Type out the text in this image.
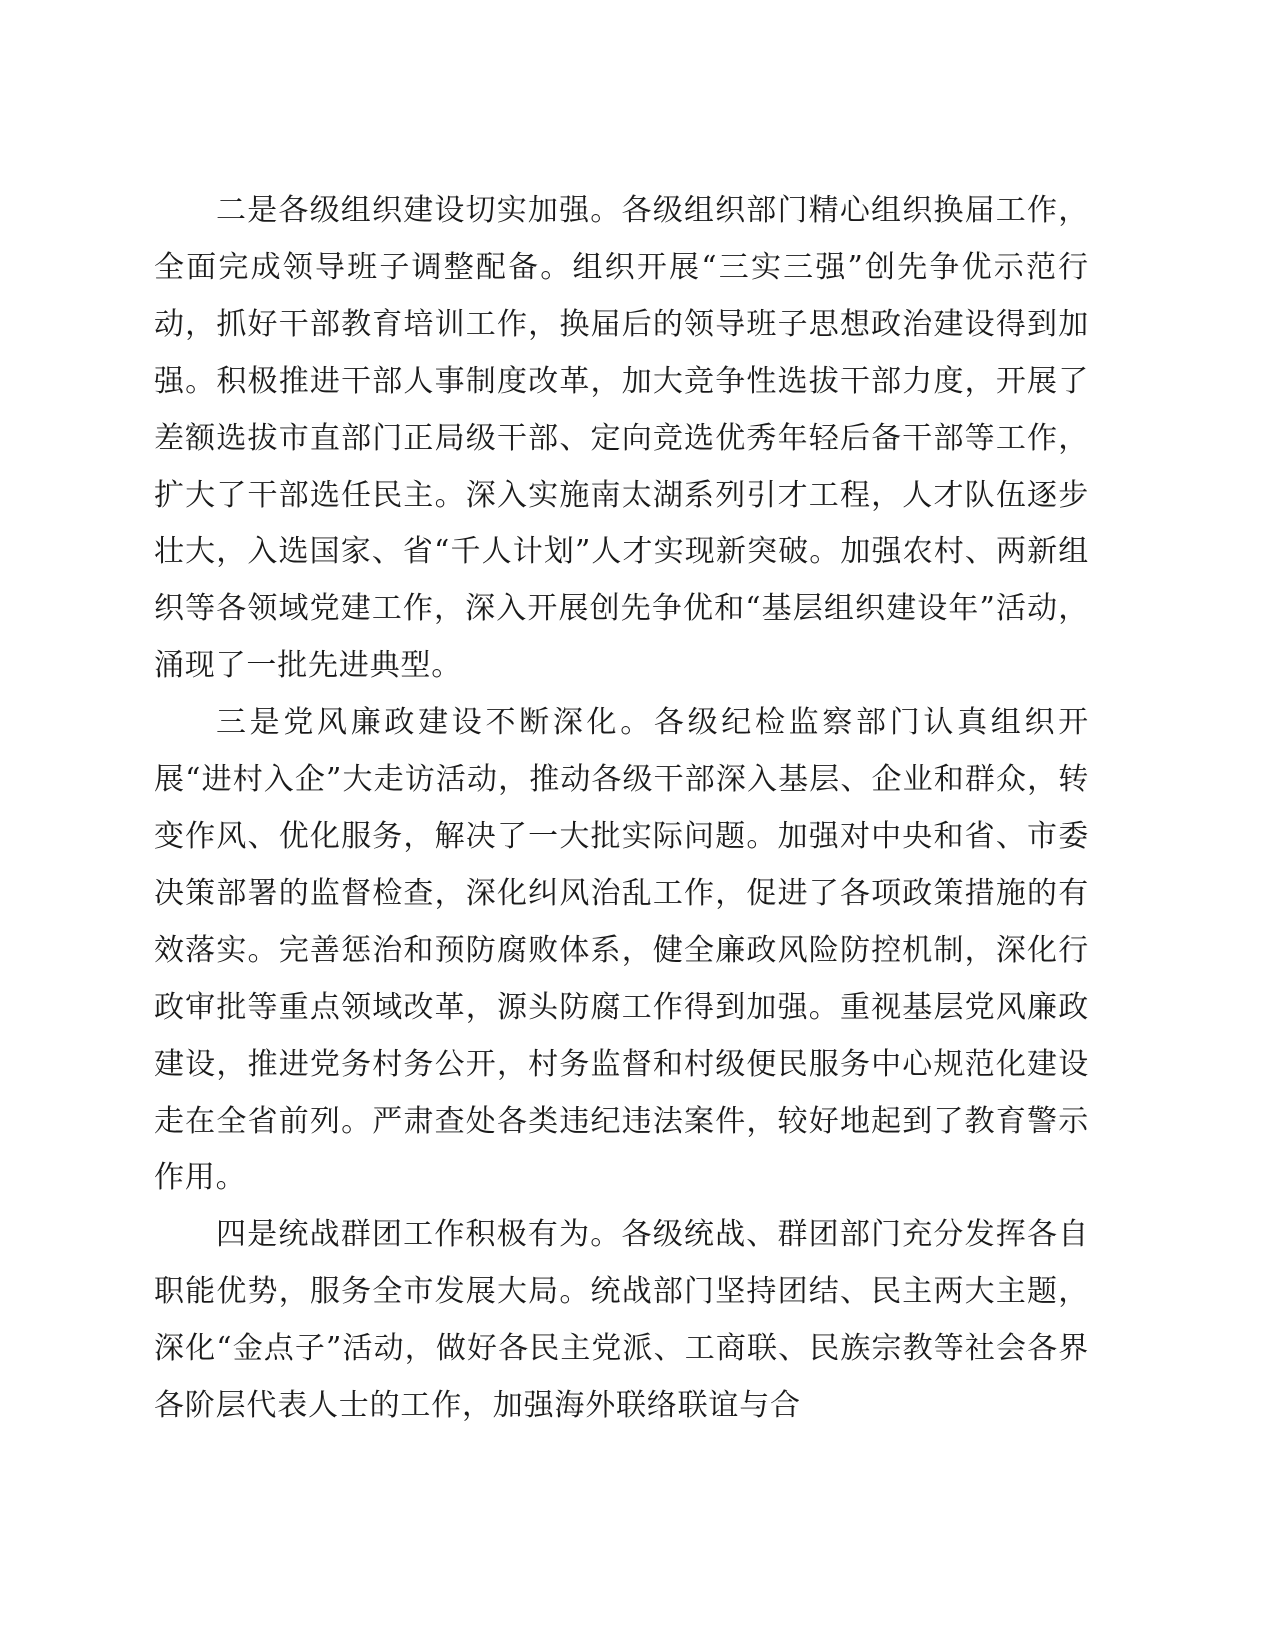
二是各级组织建设切实加强。各级组织部门精心组织换届工作，全面完成领导班子调整配备。组织开展“三实三强”创先争优示范行动，抓好干部教育培训工作，换届后的领导班子思想政治建设得到加强。积极推进干部人事制度改革，加大竞争性选拔干部力度，开展了差额选拔市直部门正局级干部、定向竞选优秀年轻后备干部等工作，扩大了干部选任民主。深入实施南太湖系列引才工程，人才队伍逐步壮大，入选国家、省“千人计划”人才实现新突破。加强农村、两新组织等各领域党建工作，深入开展创先争优和“基层组织建设年”活动，涌现了一批先进典型。

三是党风廉政建设不断深化。各级纪检监察部门认真组织开展“进村入企”大走访活动，推动各级干部深入基层、企业和群众，转变作风、优化服务，解决了一大批实际问题。加强对中央和省、市委决策部署的监督检查，深化纠风治乱工作，促进了各项政策措施的有效落实。完善惩治和预防腐败体系，健全廉政风险防控机制，深化行政审批等重点领域改革，源头防腐工作得到加强。重视基层党风廉政建设，推进党务村务公开，村务监督和村级便民服务中心规范化建设走在全省前列。严肃查处各类违纪违法案件，较好地起到了教育警示作用。

四是统战群团工作积极有为。各级统战、群团部门充分发挥各自职能优势，服务全市发展大局。统战部门坚持团结、民主两大主题，深化“金点子”活动，做好各民主党派、工商联、民族宗教等社会各界各阶层代表人士的工作，加强海外联络联谊与合
